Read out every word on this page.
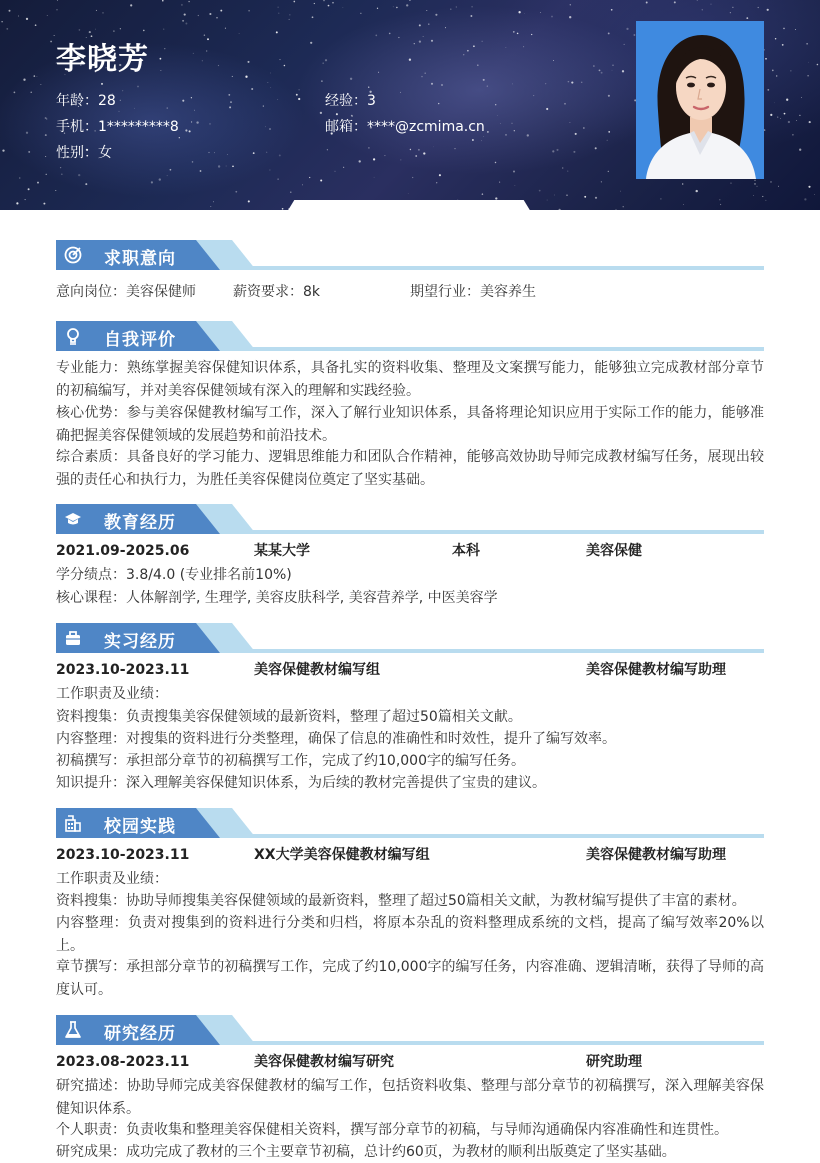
李晓芳
年龄：28	经验：3
手机：1*********8	邮箱：****@zcmima.cn
性别：女
求职意向
意向岗位：美容保健师	薪资要求：8k	期望行业：美容养生
自我评价

专业能力：熟练掌握美容保健知识体系，具备扎实的资料收集、整理及文案撰写能力，能够独立完成教材部分章节的初稿编写，并对美容保健领域有深入的理解和实践经验。

核心优势：参与美容保健教材编写工作，深入了解行业知识体系，具备将理论知识应用于实际工作的能力，能够准确把握美容保健领域的发展趋势和前沿技术。

综合素质：具备良好的学习能力、逻辑思维能力和团队合作精神，能够高效协助导师完成教材编写任务，展现出较强的责任心和执行力，为胜任美容保健岗位奠定了坚实基础。

教育经历
2021.09-2025.06	某某大学	本科	美容保健
学分绩点：3.8/4.0 (专业排名前10%)
核心课程：人体解剖学, 生理学, 美容皮肤科学, 美容营养学, 中医美容学
实习经历
2023.10-2023.11	美容保健教材编写组	美容保健教材编写助理
工作职责及业绩：
资料搜集：负责搜集美容保健领域的最新资料，整理了超过50篇相关文献。
内容整理：对搜集的资料进行分类整理，确保了信息的准确性和时效性，提升了编写效率。
初稿撰写：承担部分章节的初稿撰写工作，完成了约10,000字的编写任务。
知识提升：深入理解美容保健知识体系，为后续的教材完善提供了宝贵的建议。
校园实践
2023.10-2023.11	XX大学美容保健教材编写组	美容保健教材编写助理
工作职责及业绩：

资料搜集：协助导师搜集美容保健领域的最新资料，整理了超过50篇相关文献，为教材编写提供了丰富的素材。

内容整理：负责对搜集到的资料进行分类和归档，将原本杂乱的资料整理成系统的文档，提高了编写效率20%以上。

章节撰写：承担部分章节的初稿撰写工作，完成了约10,000字的编写任务，内容准确、逻辑清晰，获得了导师的高度认可。

研究经历
2023.08-2023.11	美容保健教材编写研究	研究助理

研究描述：协助导师完成美容保健教材的编写工作，包括资料收集、整理与部分章节的初稿撰写，深入理解美容保健知识体系。

个人职责：负责收集和整理美容保健相关资料，撰写部分章节的初稿，与导师沟通确保内容准确性和连贯性。
研究成果：成功完成了教材的三个主要章节初稿，总计约60页，为教材的顺利出版奠定了坚实基础。
